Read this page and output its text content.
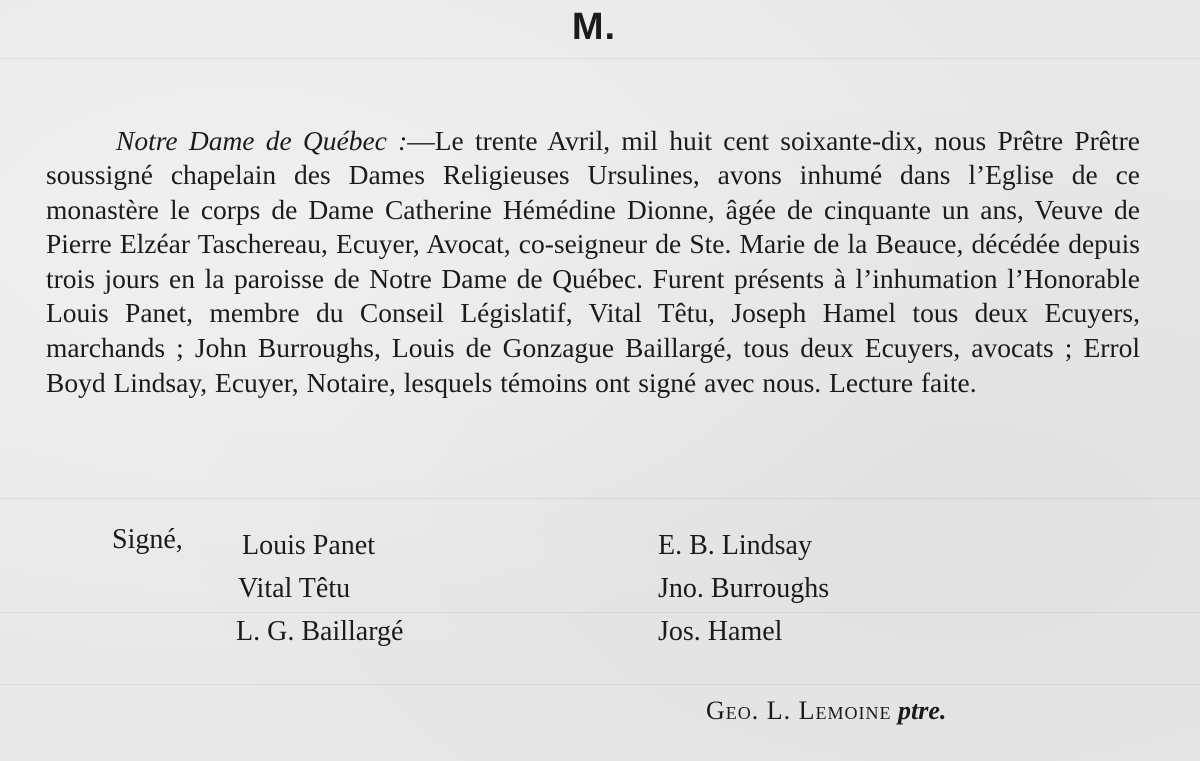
M.

Notre Dame de Québec :—Le trente Avril, mil huit cent soixante-dix, nous Prêtre Prêtre soussigné chapelain des Dames Religieuses Ursulines, avons inhumé dans l’Eglise de ce monastère le corps de Dame Catherine Hémédine Dionne, âgée de cinquante un ans, Veuve de Pierre Elzéar Taschereau, Ecuyer, Avocat, co-seigneur de Ste. Marie de la Beauce, décédée depuis trois jours en la paroisse de Notre Dame de Québec. Furent présents à l’inhumation l’Honorable Louis Panet, membre du Conseil Législatif, Vital Têtu, Joseph Hamel tous deux Ecuyers, marchands ; John Burroughs, Louis de Gonzague Baillargé, tous deux Ecuyers, avocats ; Errol Boyd Lindsay, Ecuyer, Notaire, lesquels témoins ont signé avec nous. Lecture faite.

Signé, Louis Panet
Vital Têtu
L. G. Baillargé
E. B. Lindsay
Jno. Burroughs
Jos. Hamel
Geo. L. Lemoine ptre.
